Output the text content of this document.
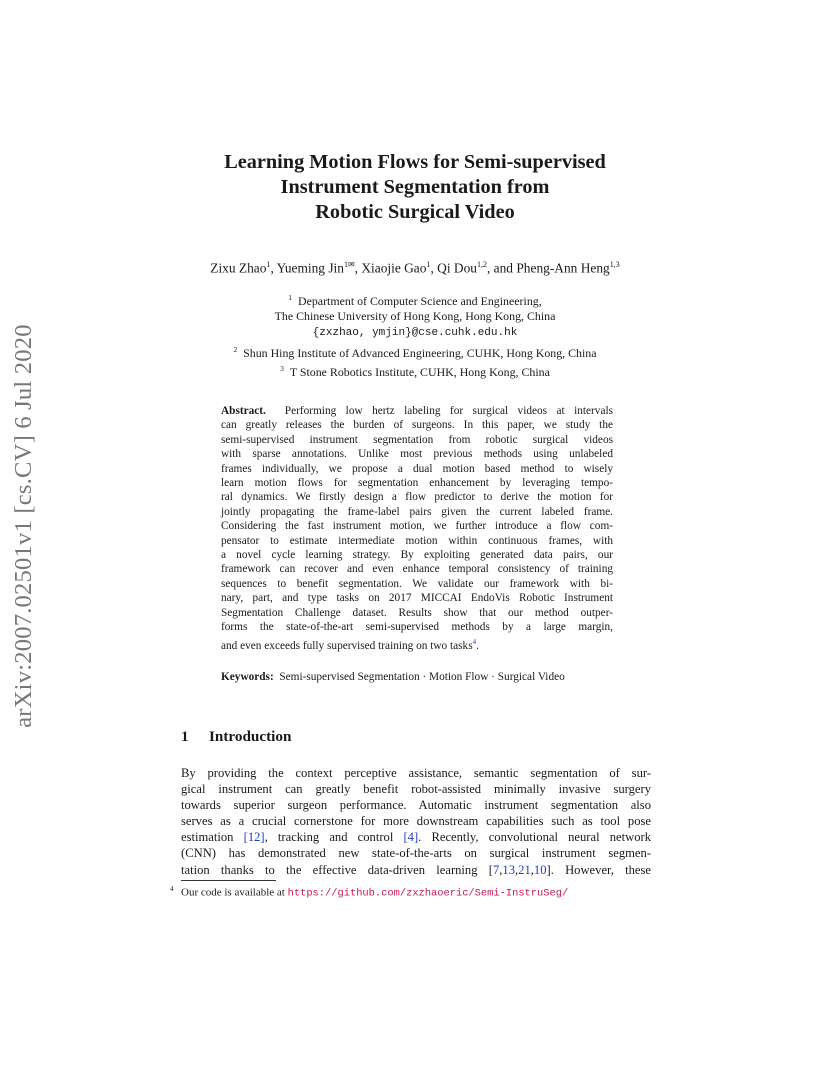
arXiv:2007.02501v1 [cs.CV] 6 Jul 2020
Learning Motion Flows for Semi-supervised
Instrument Segmentation from
Robotic Surgical Video
Zixu Zhao$^1$, Yueming Jin$^{1✉}$, Xiaojie Gao$^1$, Qi Dou$^{1,2}$, and Pheng-Ann Heng$^{1,3}$
$^1$ Department of Computer Science and Engineering,
The Chinese University of Hong Kong, Hong Kong, China
{zxzhao, ymjin}@cse.cuhk.edu.hk
$^2$ Shun Hing Institute of Advanced Engineering, CUHK, Hong Kong, China
$^3$ T Stone Robotics Institute, CUHK, Hong Kong, China
Abstract. Performing low hertz labeling for surgical videos at intervals
can greatly releases the burden of surgeons. In this paper, we study the
semi-supervised instrument segmentation from robotic surgical videos
with sparse annotations. Unlike most previous methods using unlabeled
frames individually, we propose a dual motion based method to wisely
learn motion flows for segmentation enhancement by leveraging tempo-
ral dynamics. We firstly design a flow predictor to derive the motion for
jointly propagating the frame-label pairs given the current labeled frame.
Considering the fast instrument motion, we further introduce a flow com-
pensator to estimate intermediate motion within continuous frames, with
a novel cycle learning strategy. By exploiting generated data pairs, our
framework can recover and even enhance temporal consistency of training
sequences to benefit segmentation. We validate our framework with bi-
nary, part, and type tasks on 2017 MICCAI EndoVis Robotic Instrument
Segmentation Challenge dataset. Results show that our method outper-
forms the state-of-the-art semi-supervised methods by a large margin,
and even exceeds fully supervised training on two tasks$^4$.
Keywords: Semi-supervised Segmentation · Motion Flow · Surgical Video
1 Introduction
By providing the context perceptive assistance, semantic segmentation of sur-
gical instrument can greatly benefit robot-assisted minimally invasive surgery
towards superior surgeon performance. Automatic instrument segmentation also
serves as a crucial cornerstone for more downstream capabilities such as tool pose
estimation [12], tracking and control [4]. Recently, convolutional neural network
(CNN) has demonstrated new state-of-the-arts on surgical instrument segmen-
tation thanks to the effective data-driven learning [7,13,21,10]. However, these
$^4$ Our code is available at https://github.com/zxzhaoeric/Semi-InstruSeg/
